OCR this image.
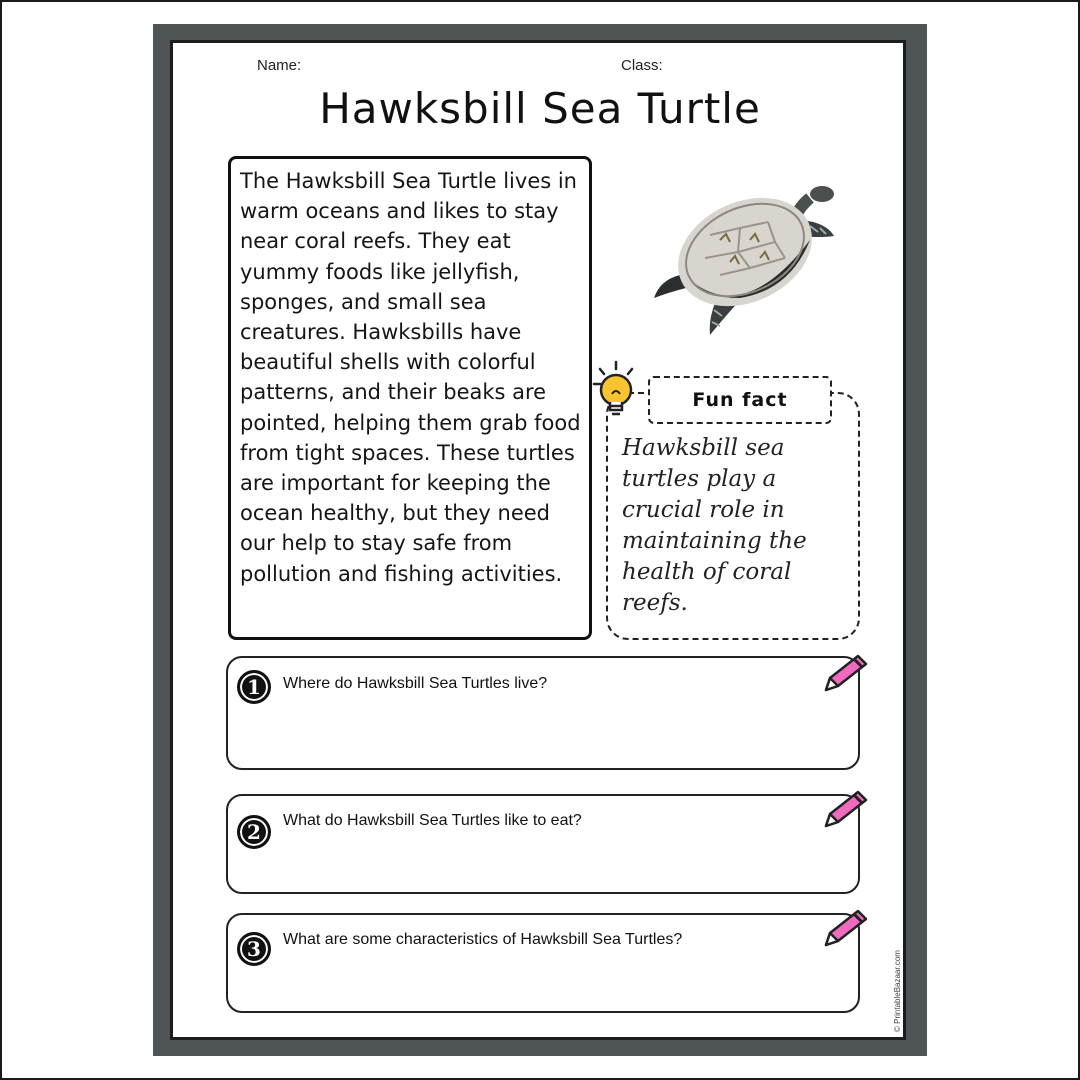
Name:	Class:
Hawksbill Sea Turtle
The Hawksbill Sea Turtle lives in warm oceans and likes to stay near coral reefs. They eat yummy foods like jellyfish, sponges, and small sea creatures. Hawksbills have beautiful shells with colorful patterns, and their beaks are pointed, helping them grab food from tight spaces. These turtles are important for keeping the ocean healthy, but they need our help to stay safe from pollution and fishing activities.
Fun fact
Hawksbill sea turtles play a crucial role in maintaining the health of coral reefs.
1	Where do Hawksbill Sea Turtles live?
2	What do Hawksbill Sea Turtles like to eat?
3	What are some characteristics of Hawksbill Sea Turtles?
© PrintableBazaar.com
